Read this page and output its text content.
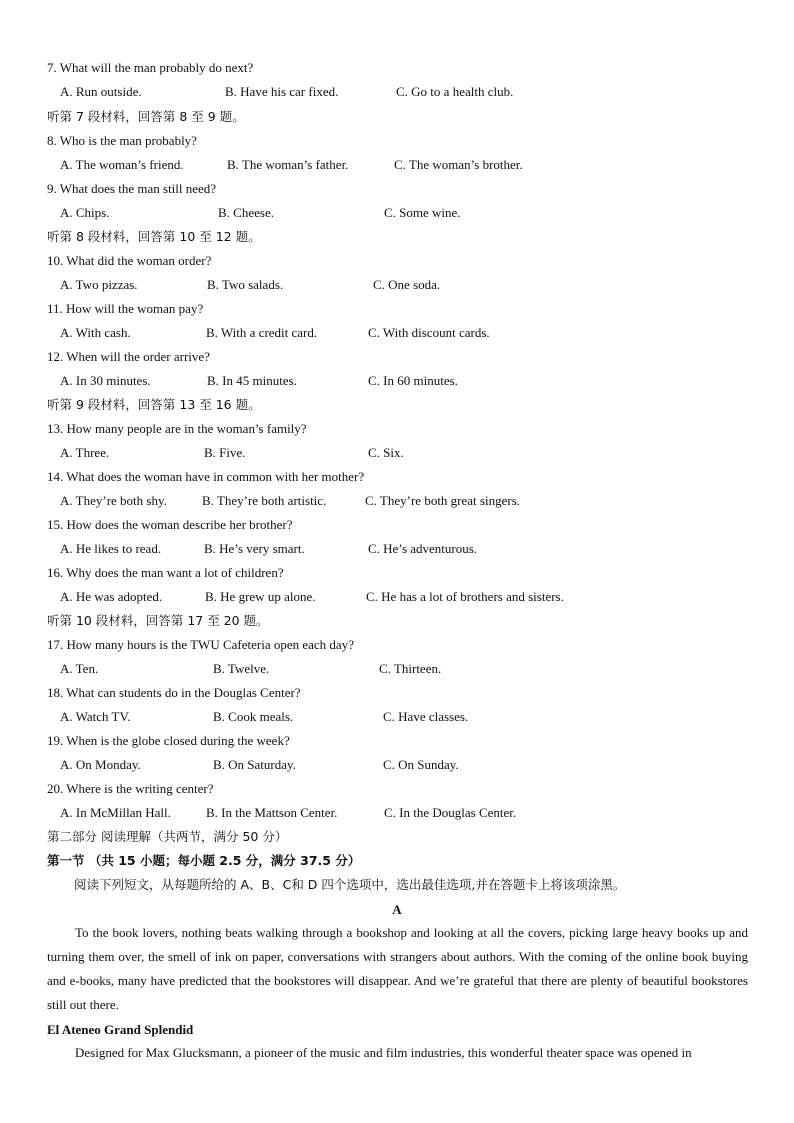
7. What will the man probably do next?
A. Run outside.	B. Have his car fixed.	C. Go to a health club.
听第 7 段材料，回答第 8 至 9 题。
8. Who is the man probably?
A. The woman’s friend.	B. The woman’s father.	C. The woman’s brother.
9. What does the man still need?
A. Chips.	B. Cheese.	C. Some wine.
听第 8 段材料，回答第 10 至 12 题。
10. What did the woman order?
A. Two pizzas.	B. Two salads.	C. One soda.
11. How will the woman pay?
A. With cash.	B. With a credit card.	C. With discount cards.
12. When will the order arrive?
A. In 30 minutes.	B. In 45 minutes.	C. In 60 minutes.
听第 9 段材料，回答第 13 至 16 题。
13. How many people are in the woman’s family?
A. Three.	B. Five.	C. Six.
14. What does the woman have in common with her mother?
A. They’re both shy.	B. They’re both artistic.	C. They’re both great singers.
15. How does the woman describe her brother?
A. He likes to read.	B. He’s very smart.	C. He’s adventurous.
16. Why does the man want a lot of children?
A. He was adopted.	B. He grew up alone.	C. He has a lot of brothers and sisters.
听第 10 段材料，回答第 17 至 20 题。
17. How many hours is the TWU Cafeteria open each day?
A. Ten.	B. Twelve.	C. Thirteen.
18. What can students do in the Douglas Center?
A. Watch TV.	B. Cook meals.	C. Have classes.
19. When is the globe closed during the week?
A. On Monday.	B. On Saturday.	C. On Sunday.
20. Where is the writing center?
A. In McMillan Hall.	B. In the Mattson Center.	C. In the Douglas Center.
第二部分 阅读理解（共两节，满分 50 分）
第一节 （共 15 小题；每小题 2.5 分，满分 37.5 分）
阅读下列短文，从每题所给的 A、B、C和 D 四个选项中，选出最佳选项,并在答题卡上将该项涂黑。
A
To the book lovers, nothing beats walking through a bookshop and looking at all the covers, picking large heavy books up and turning them over, the smell of ink on paper, conversations with strangers about authors. With the coming of the online book buying and e-books, many have predicted that the bookstores will disappear. And we’re grateful that there are plenty of beautiful bookstores still out there.
El Ateneo Grand Splendid
Designed for Max Glucksmann, a pioneer of the music and film industries, this wonderful theater space was opened in
